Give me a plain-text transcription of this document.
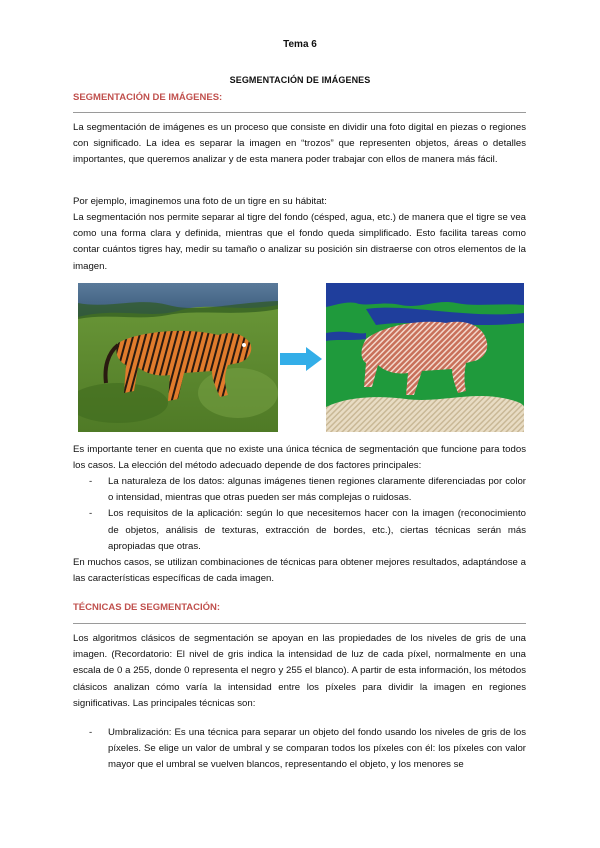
Tema 6
SEGMENTACIÓN DE IMÁGENES
SEGMENTACIÓN DE IMÁGENES:
La segmentación de imágenes es un proceso que consiste en dividir una foto digital en piezas o regiones con significado. La idea es separar la imagen en “trozos” que representen objetos, áreas o detalles importantes, que queremos analizar y de esta manera poder trabajar con ellos de manera más fácil.
Por ejemplo, imaginemos una foto de un tigre en su hábitat:
La segmentación nos permite separar al tigre del fondo (césped, agua, etc.) de manera que el tigre se vea como una forma clara y definida, mientras que el fondo queda simplificado. Esto facilita tareas como contar cuántos tigres hay, medir su tamaño o analizar su posición sin distraerse con otros elementos de la imagen.
Es importante tener en cuenta que no existe una única técnica de segmentación que funcione para todos los casos. La elección del método adecuado depende de dos factores principales:
- La naturaleza de los datos: algunas imágenes tienen regiones claramente diferenciadas por color o intensidad, mientras que otras pueden ser más complejas o ruidosas.
- Los requisitos de la aplicación: según lo que necesitemos hacer con la imagen (reconocimiento de objetos, análisis de texturas, extracción de bordes, etc.), ciertas técnicas serán más apropiadas que otras.
En muchos casos, se utilizan combinaciones de técnicas para obtener mejores resultados, adaptándose a las características específicas de cada imagen.
TÉCNICAS DE SEGMENTACIÓN:
Los algoritmos clásicos de segmentación se apoyan en las propiedades de los niveles de gris de una imagen. (Recordatorio: El nivel de gris indica la intensidad de luz de cada píxel, normalmente en una escala de 0 a 255, donde 0 representa el negro y 255 el blanco). A partir de esta información, los métodos clásicos analizan cómo varía la intensidad entre los píxeles para dividir la imagen en regiones significativas. Las principales técnicas son:
- Umbralización: Es una técnica para separar un objeto del fondo usando los niveles de gris de los píxeles. Se elige un valor de umbral y se comparan todos los píxeles con él: los píxeles con valor mayor que el umbral se vuelven blancos, representando el objeto, y los menores se
